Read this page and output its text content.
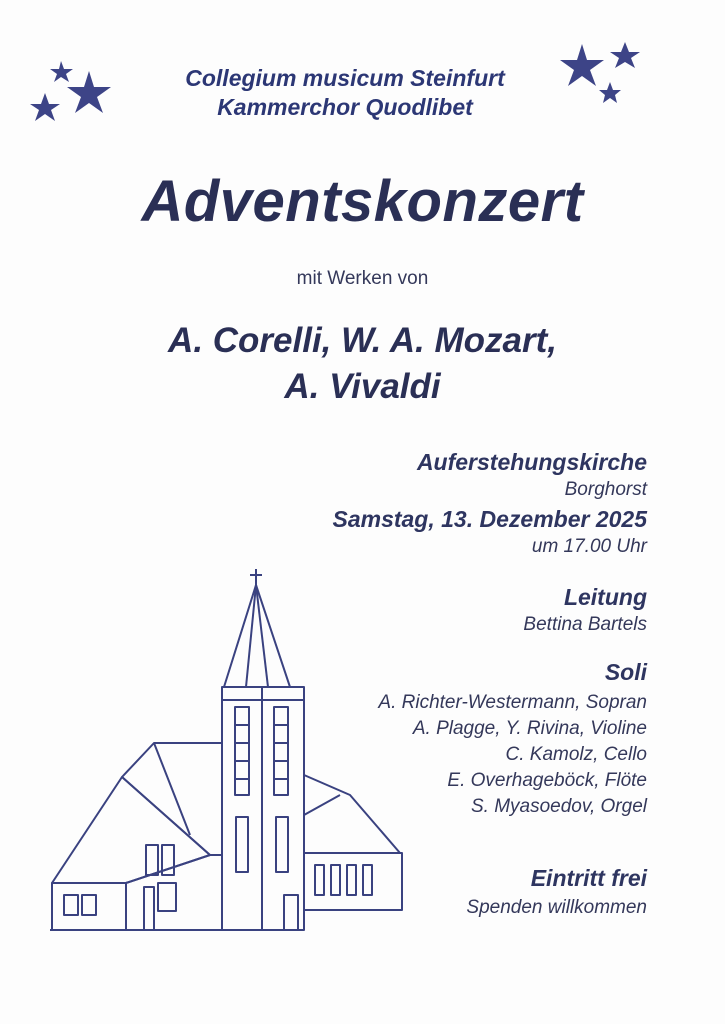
Collegium musicum Steinfurt
Kammerchor Quodlibet
Adventskonzert
mit Werken von
A. Corelli, W. A. Mozart,
A. Vivaldi
Auferstehungskirche
Borghorst
Samstag, 13. Dezember 2025
um 17.00 Uhr
Leitung
Bettina Bartels
Soli
A. Richter-Westermann, Sopran
A. Plagge, Y. Rivina, Violine
C. Kamolz, Cello
E. Overhageböck, Flöte
S. Myasoedov, Orgel
Eintritt frei
Spenden willkommen
